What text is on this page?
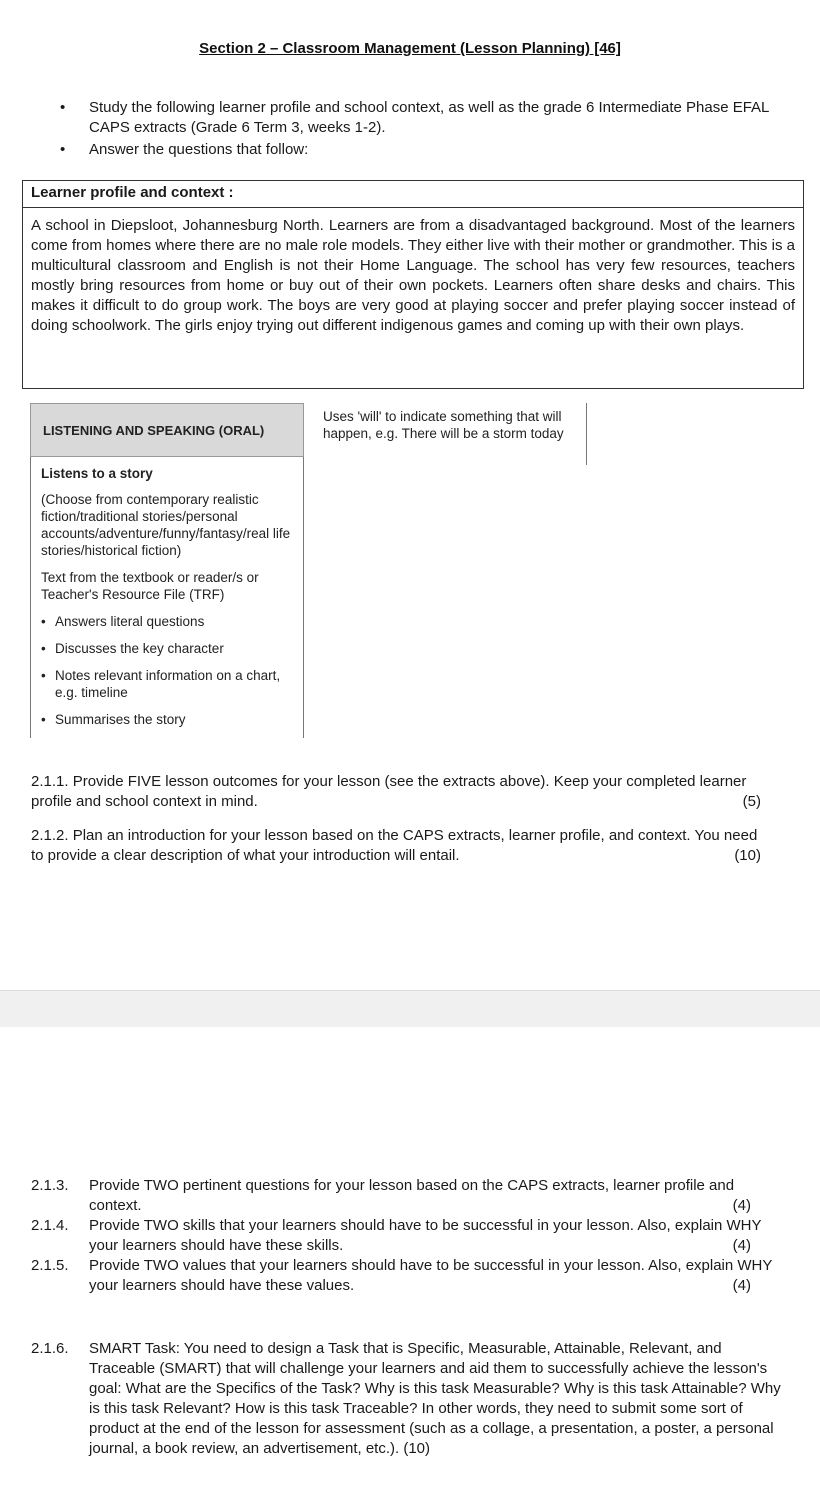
Section 2 – Classroom Management (Lesson Planning) [46]
• Study the following learner profile and school context, as well as the grade 6 Intermediate Phase EFAL CAPS extracts (Grade 6 Term 3, weeks 1-2).
• Answer the questions that follow:
Learner profile and context :
A school in Diepsloot, Johannesburg North. Learners are from a disadvantaged background. Most of the learners come from homes where there are no male role models. They either live with their mother or grandmother. This is a multicultural classroom and English is not their Home Language. The school has very few resources, teachers mostly bring resources from home or buy out of their own pockets. Learners often share desks and chairs. This makes it difficult to do group work. The boys are very good at playing soccer and prefer playing soccer instead of doing schoolwork. The girls enjoy trying out different indigenous games and coming up with their own plays.
LISTENING AND SPEAKING (ORAL)

Listens to a story

(Choose from contemporary realistic fiction/traditional stories/personal accounts/adventure/funny/fantasy/real life stories/historical fiction)

Text from the textbook or reader/s or Teacher's Resource File (TRF)

• Answers literal questions
• Discusses the key character
• Notes relevant information on a chart, e.g. timeline
• Summarises the story
Uses 'will' to indicate something that will happen, e.g. There will be a storm today
2.1.1. Provide FIVE lesson outcomes for your lesson (see the extracts above). Keep your completed learner profile and school context in mind.	(5)
2.1.2. Plan an introduction for your lesson based on the CAPS extracts, learner profile, and context. You need to provide a clear description of what your introduction will entail.	(10)
2.1.3. Provide TWO pertinent questions for your lesson based on the CAPS extracts, learner profile and context.	(4)
2.1.4. Provide TWO skills that your learners should have to be successful in your lesson. Also, explain WHY your learners should have these skills.	(4)
2.1.5. Provide TWO values that your learners should have to be successful in your lesson. Also, explain WHY your learners should have these values.	(4)
2.1.6. SMART Task: You need to design a Task that is Specific, Measurable, Attainable, Relevant, and Traceable (SMART) that will challenge your learners and aid them to successfully achieve the lesson's goal: What are the Specifics of the Task? Why is this task Measurable? Why is this task Attainable? Why is this task Relevant? How is this task Traceable? In other words, they need to submit some sort of product at the end of the lesson for assessment (such as a collage, a presentation, a poster, a personal journal, a book review, an advertisement, etc.). (10)
